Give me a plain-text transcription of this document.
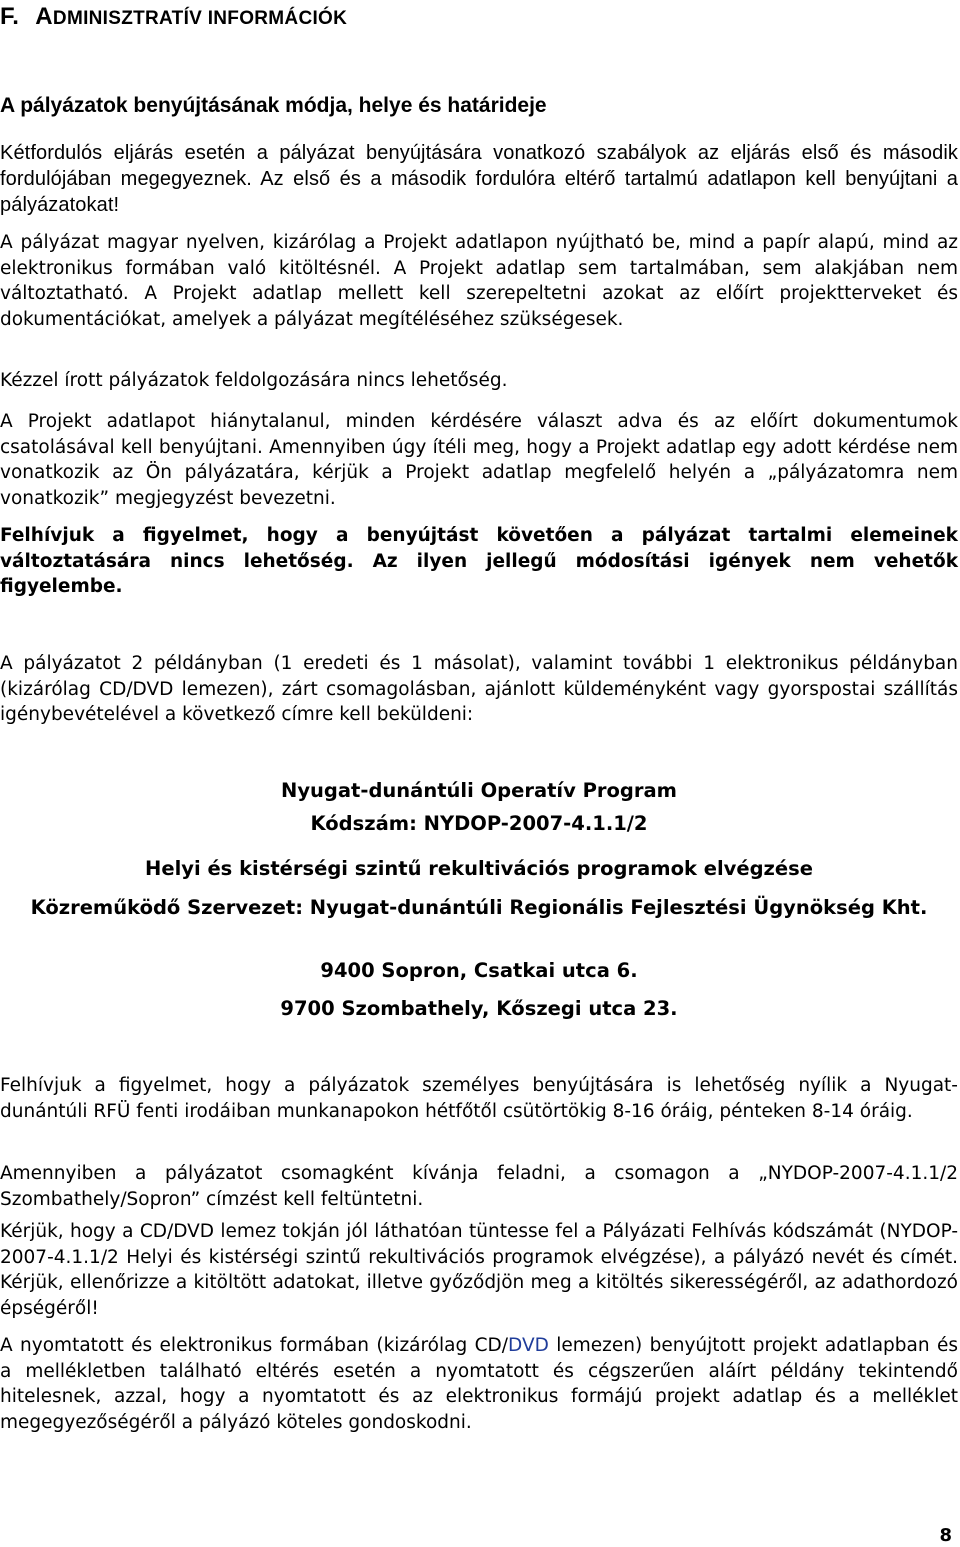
F. ADMINISZTRATÍV INFORMÁCIÓK
A pályázatok benyújtásának módja, helye és határideje

Kétfordulós eljárás esetén a pályázat benyújtására vonatkozó szabályok az eljárás első és második fordulójában megegyeznek. Az első és a második fordulóra eltérő tartalmú adatlapon kell benyújtani a pályázatokat!

A pályázat magyar nyelven, kizárólag a Projekt adatlapon nyújtható be, mind a papír alapú, mind az elektronikus formában való kitöltésnél. A Projekt adatlap sem tartalmában, sem alakjában nem változtatható. A Projekt adatlap mellett kell szerepeltetni azokat az előírt projektterveket és dokumentációkat, amelyek a pályázat megítéléséhez szükségesek.

Kézzel írott pályázatok feldolgozására nincs lehetőség.

A Projekt adatlapot hiánytalanul, minden kérdésére választ adva és az előírt dokumentumok csatolásával kell benyújtani. Amennyiben úgy ítéli meg, hogy a Projekt adatlap egy adott kérdése nem vonatkozik az Ön pályázatára, kérjük a Projekt adatlap megfelelő helyén a „pályázatomra nem vonatkozik” megjegyzést bevezetni.

Felhívjuk a figyelmet, hogy a benyújtást követően a pályázat tartalmi elemeinek változtatására nincs lehetőség. Az ilyen jellegű módosítási igények nem vehetők figyelembe.

A pályázatot 2 példányban (1 eredeti és 1 másolat), valamint további 1 elektronikus példányban (kizárólag CD/DVD lemezen), zárt csomagolásban, ajánlott küldeményként vagy gyorspostai szállítás igénybevételével a következő címre kell beküldeni:

Nyugat-dunántúli Operatív Program

Kódszám: NYDOP-2007-4.1.1/2

Helyi és kistérségi szintű rekultivációs programok elvégzése

Közreműködő Szervezet: Nyugat-dunántúli Regionális Fejlesztési Ügynökség Kht.

9400 Sopron, Csatkai utca 6.

9700 Szombathely, Kőszegi utca 23.

Felhívjuk a figyelmet, hogy a pályázatok személyes benyújtására is lehetőség nyílik a Nyugat-dunántúli RFÜ fenti irodáiban munkanapokon hétfőtől csütörtökig 8-16 óráig, pénteken 8-14 óráig.

Amennyiben a pályázatot csomagként kívánja feladni, a csomagon a „NYDOP-2007-4.1.1/2 Szombathely/Sopron” címzést kell feltüntetni.

Kérjük, hogy a CD/DVD lemez tokján jól láthatóan tüntesse fel a Pályázati Felhívás kódszámát (NYDOP-2007-4.1.1/2 Helyi és kistérségi szintű rekultivációs programok elvégzése), a pályázó nevét és címét. Kérjük, ellenőrizze a kitöltött adatokat, illetve győződjön meg a kitöltés sikerességéről, az adathordozó épségéről!

A nyomtatott és elektronikus formában (kizárólag CD/DVD lemezen) benyújtott projekt adatlapban és a mellékletben található eltérés esetén a nyomtatott és cégszerűen aláírt példány tekintendő hitelesnek, azzal, hogy a nyomtatott és az elektronikus formájú projekt adatlap és a melléklet megegyezőségéről a pályázó köteles gondoskodni.

8
